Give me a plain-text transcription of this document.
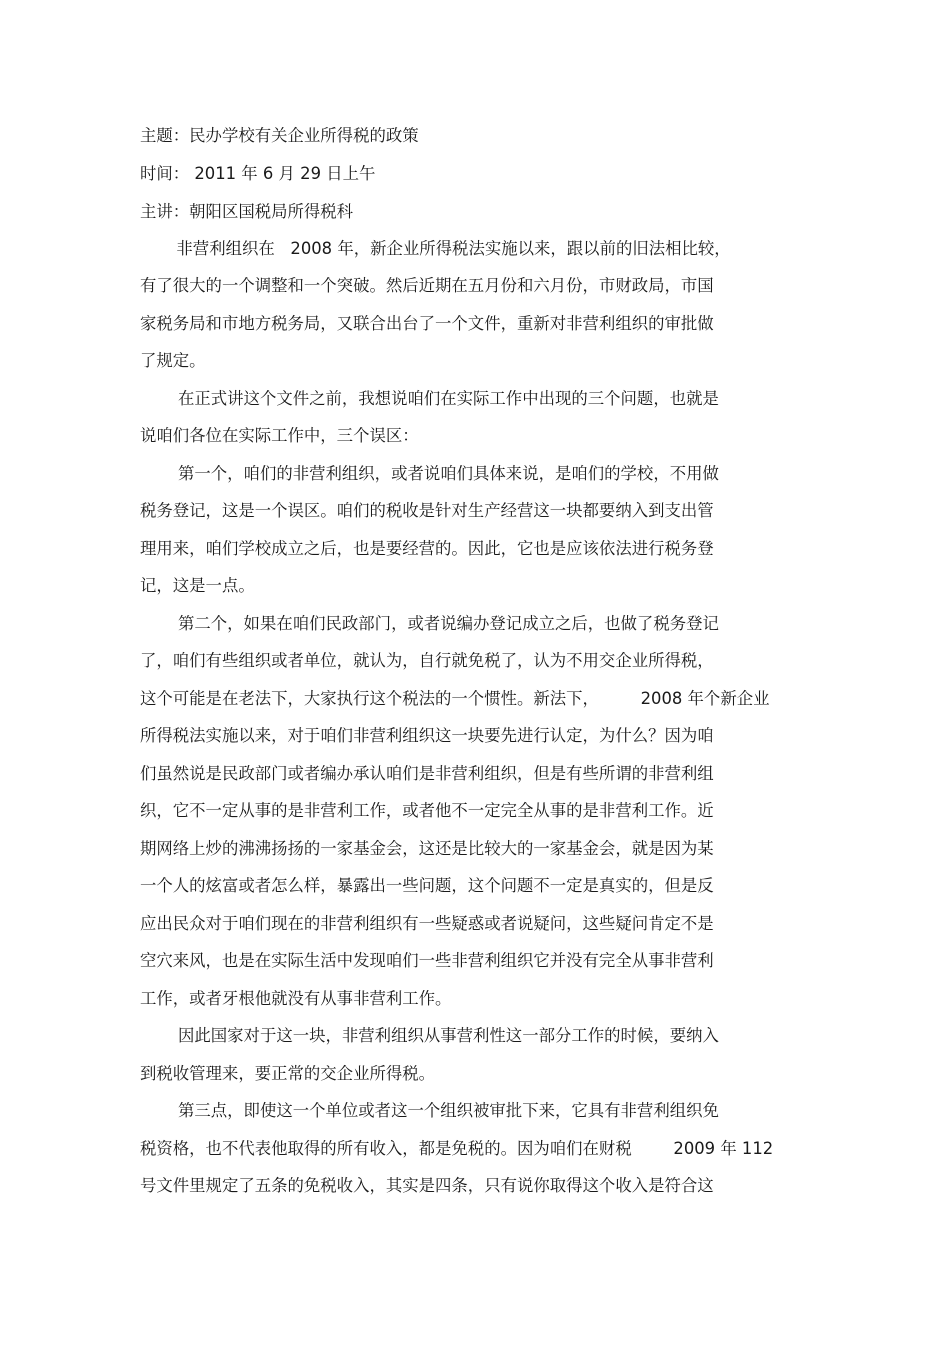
主题：民办学校有关企业所得税的政策
时间： 2011 年 6 月 29 日上午
主讲：朝阳区国税局所得税科
非营利组织在   2008 年，新企业所得税法实施以来，跟以前的旧法相比较，
有了很大的一个调整和一个突破。然后近期在五月份和六月份，市财政局，市国
家税务局和市地方税务局，又联合出台了一个文件，重新对非营利组织的审批做
了规定。
在正式讲这个文件之前，我想说咱们在实际工作中出现的三个问题，也就是
说咱们各位在实际工作中，三个误区：
第一个，咱们的非营利组织，或者说咱们具体来说，是咱们的学校，不用做
税务登记，这是一个误区。咱们的税收是针对生产经营这一块都要纳入到支出管
理用来，咱们学校成立之后，也是要经营的。因此，它也是应该依法进行税务登
记，这是一点。
第二个，如果在咱们民政部门，或者说编办登记成立之后，也做了税务登记
了，咱们有些组织或者单位，就认为，自行就免税了，认为不用交企业所得税，
这个可能是在老法下，大家执行这个税法的一个惯性。新法下，        2008 年个新企业
所得税法实施以来，对于咱们非营利组织这一块要先进行认定，为什么？因为咱
们虽然说是民政部门或者编办承认咱们是非营利组织，但是有些所谓的非营利组
织，它不一定从事的是非营利工作，或者他不一定完全从事的是非营利工作。近
期网络上炒的沸沸扬扬的一家基金会，这还是比较大的一家基金会，就是因为某
一个人的炫富或者怎么样，暴露出一些问题，这个问题不一定是真实的，但是反
应出民众对于咱们现在的非营利组织有一些疑惑或者说疑问，这些疑问肯定不是
空穴来风，也是在实际生活中发现咱们一些非营利组织它并没有完全从事非营利
工作，或者牙根他就没有从事非营利工作。
因此国家对于这一块，非营利组织从事营利性这一部分工作的时候，要纳入
到税收管理来，要正常的交企业所得税。
第三点，即使这一个单位或者这一个组织被审批下来，它具有非营利组织免
税资格，也不代表他取得的所有收入，都是免税的。因为咱们在财税        2009 年 112
号文件里规定了五条的免税收入，其实是四条，只有说你取得这个收入是符合这
